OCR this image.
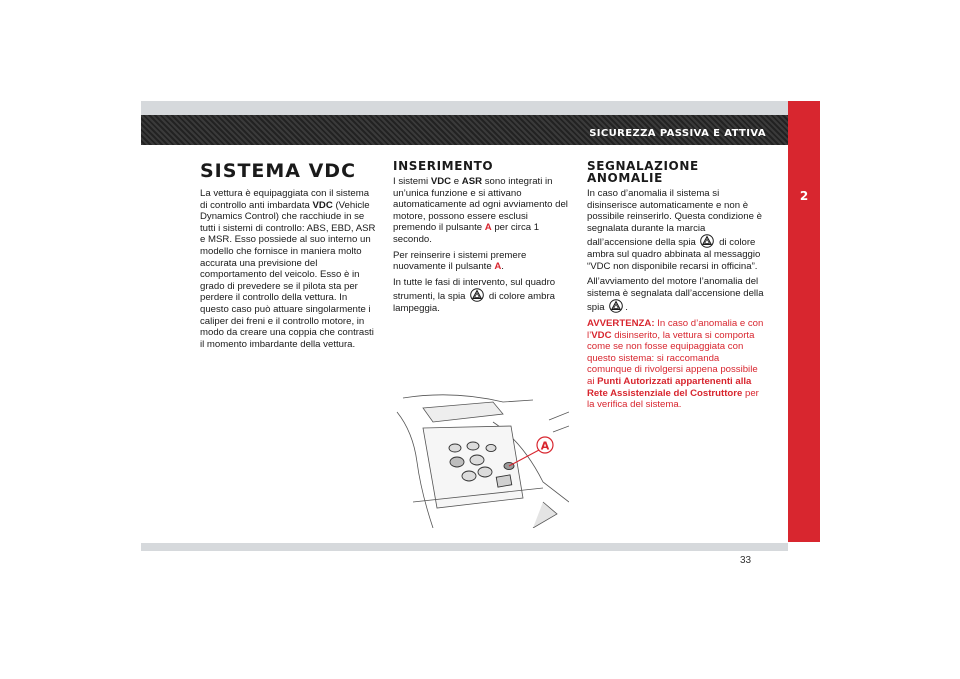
SICUREZZA PASSIVA E ATTIVA
2
SISTEMA VDC

La vettura è equipaggiata con il sistema di controllo anti imbardata VDC (Vehicle Dynamics Control) che racchiude in se tutti i sistemi di controllo: ABS, EBD, ASR e MSR. Esso possiede al suo interno un modello che fornisce in maniera molto accurata una previsione del comportamento del veicolo. Esso è in grado di prevedere se il pilota sta per perdere il controllo della vettura. In questo caso può attuare singolarmente i caliper dei freni e il controllo motore, in modo da creare una coppia che contrasti il momento imbardante della vettura.

INSERIMENTO

I sistemi VDC e ASR sono integrati in un’unica funzione e si attivano automaticamente ad ogni avviamento del motore, possono essere esclusi premendo il pulsante A per circa 1 secondo.

Per reinserire i sistemi premere nuovamente il pulsante A.

In tutte le fasi di intervento, sul quadro strumenti, la spia  di colore ambra lampeggia.

A
SEGNALAZIONE
ANOMALIE

In caso d’anomalia il sistema si disinserisce automaticamente e non è possibile reinserirlo. Questa condizione è segnalata durante la marcia dall’accensione della spia  di colore ambra sul quadro abbinata al messaggio “VDC non disponibile recarsi in officina”.

All’avviamento del motore l’anomalia del sistema è segnalata dall’accensione della spia .

AVVERTENZA: In caso d’anomalia e con l’VDC disinserito, la vettura si comporta come se non fosse equipaggiata con questo sistema: si raccomanda comunque di rivolgersi appena possibile ai Punti Autorizzati appartenenti alla Rete Assistenziale del Costruttore per la verifica del sistema.

33
